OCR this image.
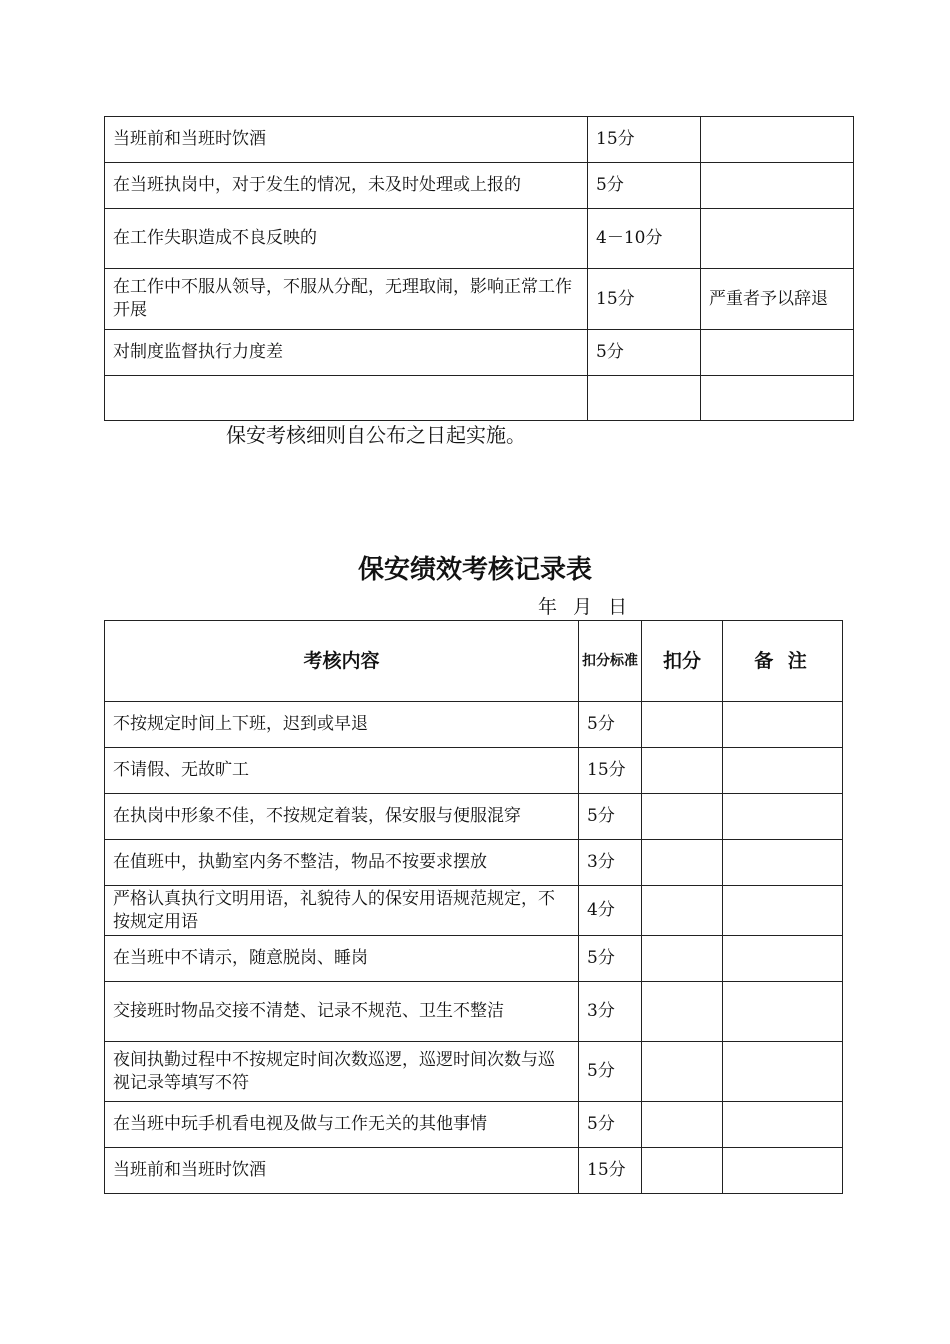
当班前和当班时饮酒	15分	
在当班执岗中，对于发生的情况，未及时处理或上报的	5分	
在工作失职造成不良反映的	4－10分	
在工作中不服从领导，不服从分配，无理取闹，影响正常工作开展	15分	严重者予以辞退
对制度监督执行力度差	5分	

保安考核细则自公布之日起实施。
保安绩效考核记录表
年 月 日
考核内容	扣分标准	扣分	备 注
不按规定时间上下班，迟到或早退	5分		
不请假、无故旷工	15分		
在执岗中形象不佳，不按规定着装，保安服与便服混穿	5分		
在值班中，执勤室内务不整洁，物品不按要求摆放	3分		
严格认真执行文明用语，礼貌待人的保安用语规范规定，不按规定用语	4分		
在当班中不请示，随意脱岗、睡岗	5分		
交接班时物品交接不清楚、记录不规范、卫生不整洁	3分		
夜间执勤过程中不按规定时间次数巡逻，巡逻时间次数与巡视记录等填写不符	5分		
在当班中玩手机看电视及做与工作无关的其他事情	5分		
当班前和当班时饮酒	15分		
